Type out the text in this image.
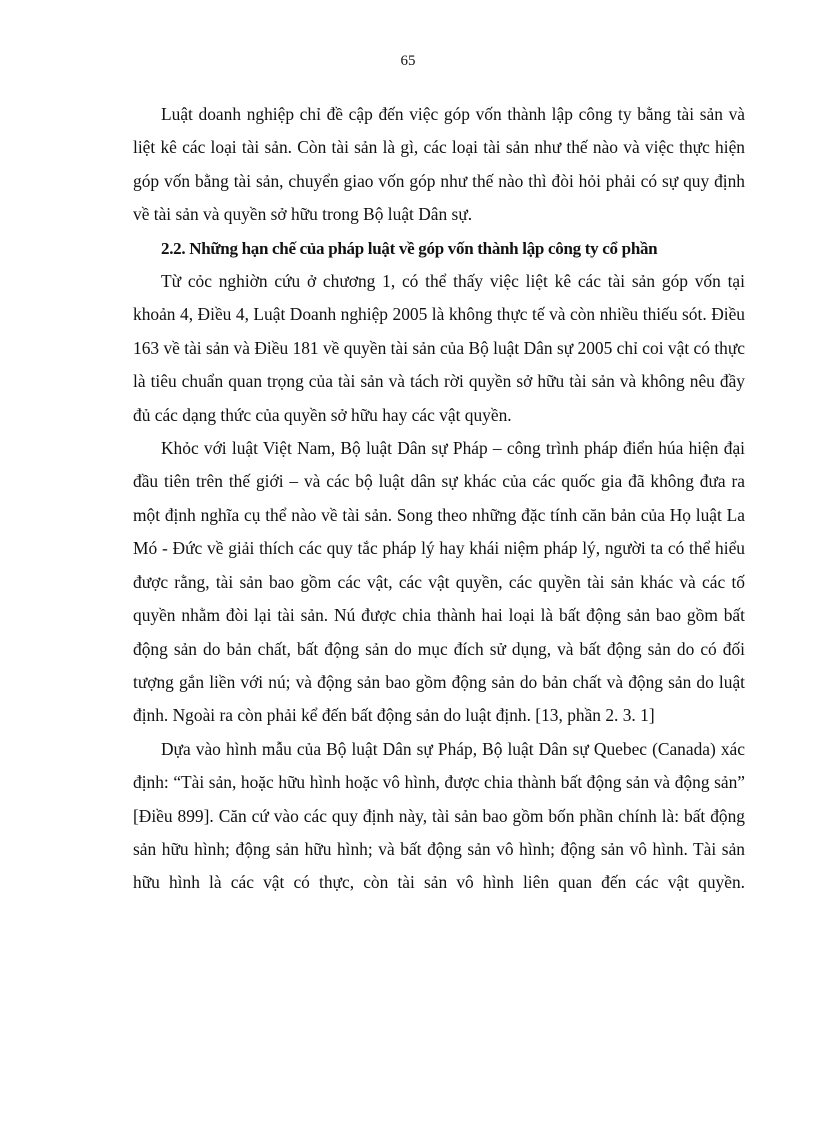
65

Luật doanh nghiệp chỉ đề cập đến việc góp vốn thành lập công ty bằng tài sản và liệt kê các loại tài sản. Còn tài sản là gì, các loại tài sản như thế nào và việc thực hiện góp vốn bằng tài sản, chuyển giao vốn góp như thế nào thì đòi hỏi phải có sự quy định về tài sản và quyền sở hữu trong Bộ luật Dân sự.

2.2. Những hạn chế của pháp luật về góp vốn thành lập công ty cổ phần

Từ cỏc nghiờn cứu ở chương 1, có thể thấy việc liệt kê các tài sản góp vốn tại khoản 4, Điều 4, Luật Doanh nghiệp 2005 là không thực tế và còn nhiều thiếu sót. Điều 163 về tài sản và Điều 181 về quyền tài sản của Bộ luật Dân sự 2005 chỉ coi vật có thực là tiêu chuẩn quan trọng của tài sản và tách rời quyền sở hữu tài sản và không nêu đầy đủ các dạng thức của quyền sở hữu hay các vật quyền.

Khỏc với luật Việt Nam, Bộ luật Dân sự Pháp – công trình pháp điển húa hiện đại đầu tiên trên thế giới – và các bộ luật dân sự khác của các quốc gia đã không đưa ra một định nghĩa cụ thể nào về tài sản. Song theo những đặc tính căn bản của Họ luật La Mó - Đức về giải thích các quy tắc pháp lý hay khái niệm pháp lý, người ta có thể hiểu được rằng, tài sản bao gồm các vật, các vật quyền, các quyền tài sản khác và các tố quyền nhằm đòi lại tài sản. Nú được chia thành hai loại là bất động sản bao gồm bất động sản do bản chất, bất động sản do mục đích sử dụng, và bất động sản do có đối tượng gắn liền với nú; và động sản bao gồm động sản do bản chất và động sản do luật định. Ngoài ra còn phải kể đến bất động sản do luật định. [13, phần 2. 3. 1]

Dựa vào hình mẫu của Bộ luật Dân sự Pháp, Bộ luật Dân sự Quebec (Canada) xác định: “Tài sản, hoặc hữu hình hoặc vô hình, được chia thành bất động sản và động sản” [Điều 899]. Căn cứ vào các quy định này, tài sản bao gồm bốn phần chính là: bất động sản hữu hình; động sản hữu hình; và bất động sản vô hình; động sản vô hình. Tài sản hữu hình là các vật có thực, còn tài sản vô hình liên quan đến các vật quyền.
